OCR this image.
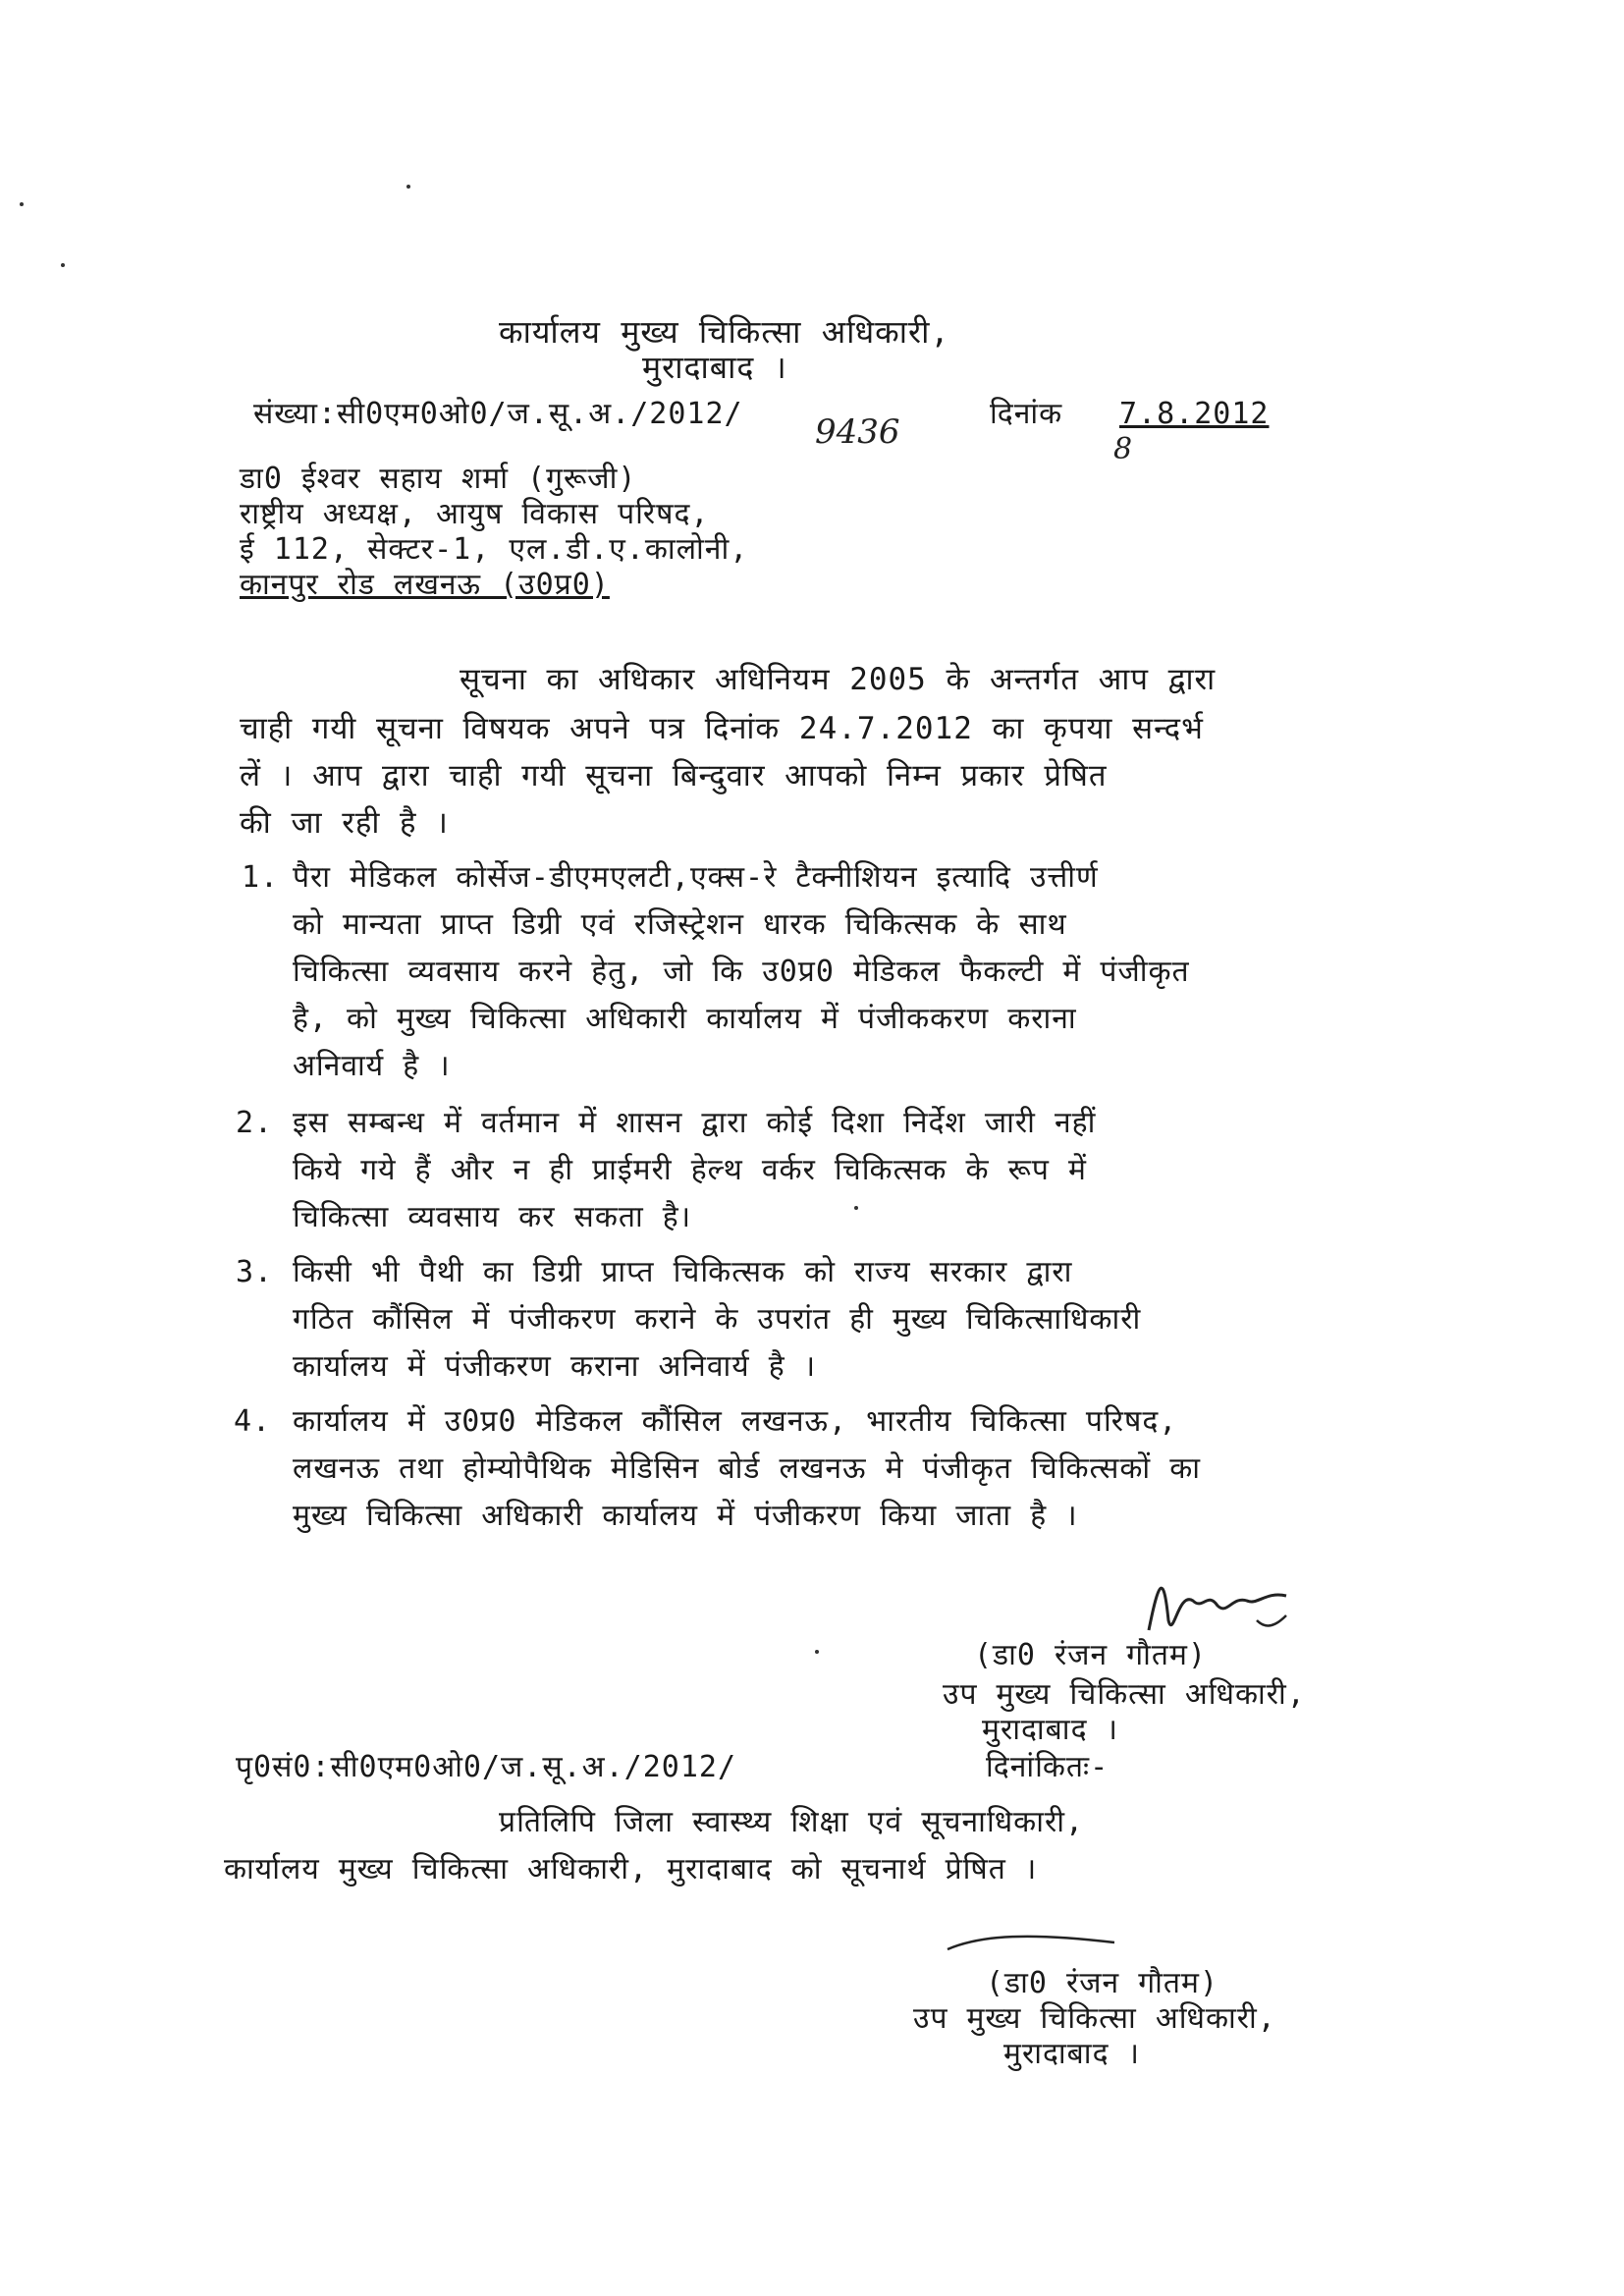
कार्यालय मुख्य चिकित्सा अधिकारी,
मुरादाबाद ।
संख्या:सी0एम0ओ0/ज.सू.अ./2012/ 9436	दिनांक 7.8.2012
8
डा0 ईश्वर सहाय शर्मा (गुरूजी)
राष्ट्रीय अध्यक्ष, आयुष विकास परिषद,
ई 112, सेक्टर-1, एल.डी.ए.कालोनी,
कानपुर रोड लखनऊ (उ0प्र0)
सूचना का अधिकार अधिनियम 2005 के अन्तर्गत आप द्वारा
चाही गयी सूचना विषयक अपने पत्र दिनांक 24.7.2012 का कृपया सन्दर्भ
लें । आप द्वारा चाही गयी सूचना बिन्दुवार आपको निम्न प्रकार प्रेषित
की जा रही है ।
1. पैरा मेडिकल कोर्सेज-डीएमएलटी,एक्स-रे टैक्नीशियन इत्यादि उत्तीर्ण
को मान्यता प्राप्त डिग्री एवं रजिस्ट्रेशन धारक चिकित्सक के साथ
चिकित्सा व्यवसाय करने हेतु, जो कि उ0प्र0 मेडिकल फैकल्टी में पंजीकृत
है, को मुख्य चिकित्सा अधिकारी कार्यालय में पंजीककरण कराना
अनिवार्य है ।
2. इस सम्बन्ध में वर्तमान में शासन द्वारा कोई दिशा निर्देश जारी नहीं
किये गये हैं और न ही प्राईमरी हेल्थ वर्कर चिकित्सक के रूप में
चिकित्सा व्यवसाय कर सकता है।
3. किसी भी पैथी का डिग्री प्राप्त चिकित्सक को राज्य सरकार द्वारा
गठित कौंसिल में पंजीकरण कराने के उपरांत ही मुख्य चिकित्साधिकारी
कार्यालय में पंजीकरण कराना अनिवार्य है ।
4. कार्यालय में उ0प्र0 मेडिकल कौंसिल लखनऊ, भारतीय चिकित्सा परिषद,
लखनऊ तथा होम्योपैथिक मेडिसिन बोर्ड लखनऊ मे पंजीकृत चिकित्सकों का
मुख्य चिकित्सा अधिकारी कार्यालय में पंजीकरण किया जाता है ।
(डा0 रंजन गौतम)
उप मुख्य चिकित्सा अधिकारी,
मुरादाबाद ।
पृ0सं0:सी0एम0ओ0/ज.सू.अ./2012/	दिनांकितः-
प्रतिलिपि जिला स्वास्थ्य शिक्षा एवं सूचनाधिकारी,
कार्यालय मुख्य चिकित्सा अधिकारी, मुरादाबाद को सूचनार्थ प्रेषित ।
(डा0 रंजन गौतम)
उप मुख्य चिकित्सा अधिकारी,
मुरादाबाद ।
